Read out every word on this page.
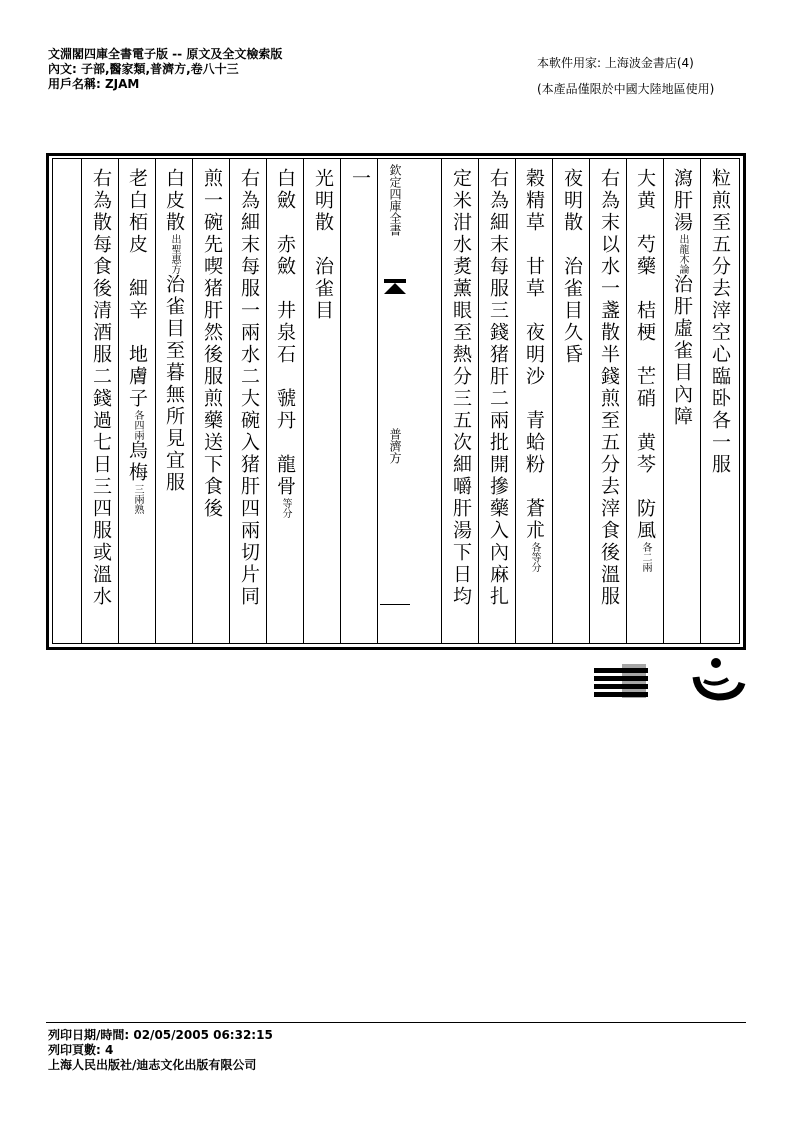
文淵閣四庫全書電子版 -- 原文及全文檢索版
內文: 子部,醫家類,普濟方,卷八十三
用戶名稱: ZJAM
本軟件用家: 上海波金書店(4)
(本產品僅限於中國大陸地區使用)
粒煎至五分去滓空心臨卧各一服
瀉肝湯出龍木論治肝虛雀目內障
大黄　芍藥　桔梗　芒硝　黄芩　防風各二兩
右為末以水一盞散半錢煎至五分去滓食後溫服
夜明散　治雀目久昏
穀精草　甘草　夜明沙　青蛤粉　蒼朮各等分
右為細末每服三錢猪肝二兩批開摻藥入內麻扎
定米泔水煑薰眼至熱分三五次細嚼肝湯下日均
一
光明散　治雀目
白斂　赤斂　井泉石　虢丹　龍骨等分
右為細末每服一兩水二大碗入猪肝四兩切片同
煎一碗先喫猪肝然後服煎藥送下食後
白皮散出聖惠方治雀目至暮無所見宜服
老白栢皮　細辛　地膚子各四兩烏梅三兩熟
右為散每食後清酒服二錢過七日三四服或溫水	欽定四庫全書
普濟方
列印日期/時間: 02/05/2005 06:32:15
列印頁數: 4
上海人民出版社/迪志文化出版有限公司
